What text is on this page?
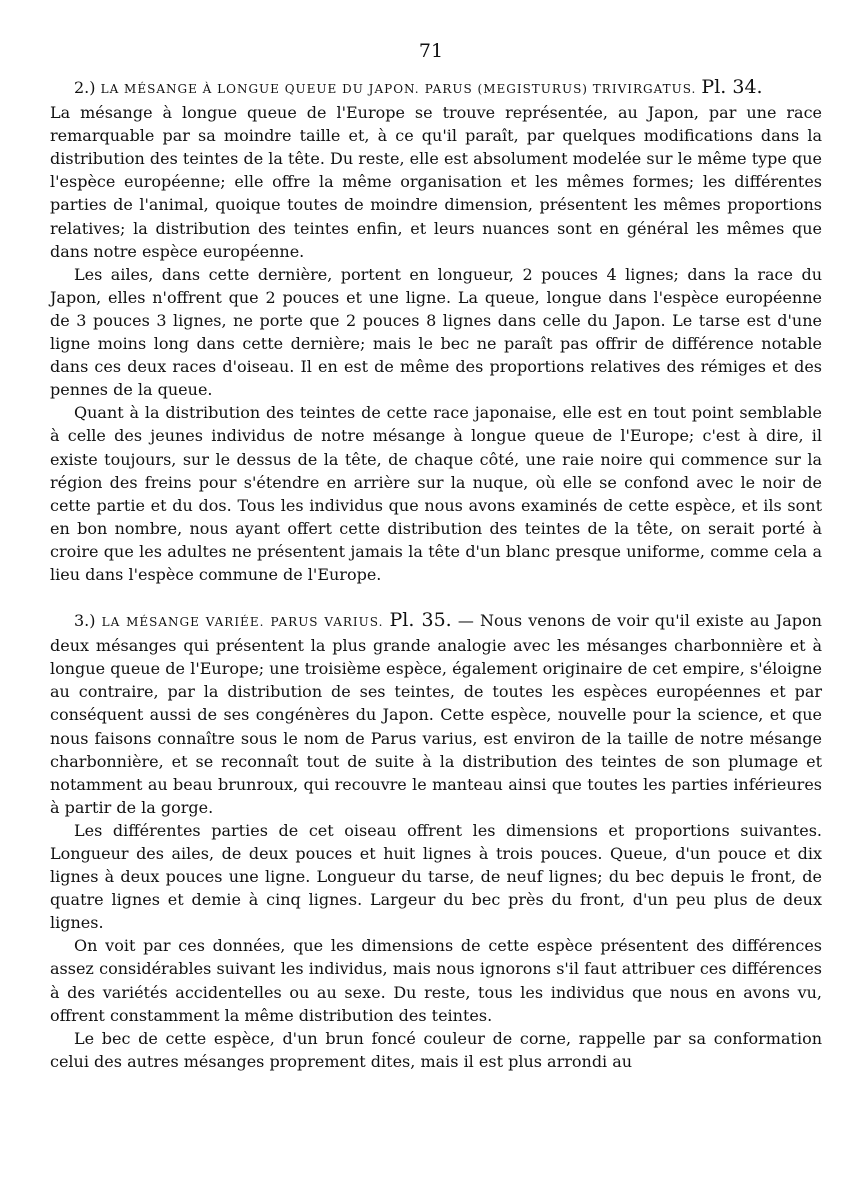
71

2.) LA MÉSANGE À LONGUE QUEUE DU JAPON. PARUS (MEGISTURUS) TRIVIRGATUS. Pl. 34.

La mésange à longue queue de l'Europe se trouve représentée, au Japon, par une race remarquable par sa moindre taille et, à ce qu'il paraît, par quelques modifications dans la distribution des teintes de la tête. Du reste, elle est absolument modelée sur le même type que l'espèce européenne; elle offre la même organisation et les mêmes formes; les différentes parties de l'animal, quoique toutes de moindre dimension, présentent les mêmes proportions relatives; la distribution des teintes enfin, et leurs nuances sont en général les mêmes que dans notre espèce européenne.

Les ailes, dans cette dernière, portent en longueur, 2 pouces 4 lignes; dans la race du Japon, elles n'offrent que 2 pouces et une ligne. La queue, longue dans l'espèce européenne de 3 pouces 3 lignes, ne porte que 2 pouces 8 lignes dans celle du Japon. Le tarse est d'une ligne moins long dans cette dernière; mais le bec ne paraît pas offrir de différence notable dans ces deux races d'oiseau. Il en est de même des proportions relatives des rémiges et des pennes de la queue.

Quant à la distribution des teintes de cette race japonaise, elle est en tout point semblable à celle des jeunes individus de notre mésange à longue queue de l'Europe; c'est à dire, il existe toujours, sur le dessus de la tête, de chaque côté, une raie noire qui commence sur la région des freins pour s'étendre en arrière sur la nuque, où elle se confond avec le noir de cette partie et du dos. Tous les individus que nous avons examinés de cette espèce, et ils sont en bon nombre, nous ayant offert cette distribution des teintes de la tête, on serait porté à croire que les adultes ne présentent jamais la tête d'un blanc presque uniforme, comme cela a lieu dans l'espèce commune de l'Europe.

3.) LA MÉSANGE VARIÉE. PARUS VARIUS. Pl. 35. — Nous venons de voir qu'il existe au Japon deux mésanges qui présentent la plus grande analogie avec les mésanges charbonnière et à longue queue de l'Europe; une troisième espèce, également originaire de cet empire, s'éloigne au contraire, par la distribution de ses teintes, de toutes les espèces européennes et par conséquent aussi de ses congénères du Japon. Cette espèce, nouvelle pour la science, et que nous faisons connaître sous le nom de Parus varius, est environ de la taille de notre mésange charbonnière, et se reconnaît tout de suite à la distribution des teintes de son plumage et notamment au beau brunroux, qui recouvre le manteau ainsi que toutes les parties inférieures à partir de la gorge.

Les différentes parties de cet oiseau offrent les dimensions et proportions suivantes. Longueur des ailes, de deux pouces et huit lignes à trois pouces. Queue, d'un pouce et dix lignes à deux pouces une ligne. Longueur du tarse, de neuf lignes; du bec depuis le front, de quatre lignes et demie à cinq lignes. Largeur du bec près du front, d'un peu plus de deux lignes.

On voit par ces données, que les dimensions de cette espèce présentent des différences assez considérables suivant les individus, mais nous ignorons s'il faut attribuer ces différences à des variétés accidentelles ou au sexe. Du reste, tous les individus que nous en avons vu, offrent constamment la même distribution des teintes.

Le bec de cette espèce, d'un brun foncé couleur de corne, rappelle par sa conformation celui des autres mésanges proprement dites, mais il est plus arrondi au
